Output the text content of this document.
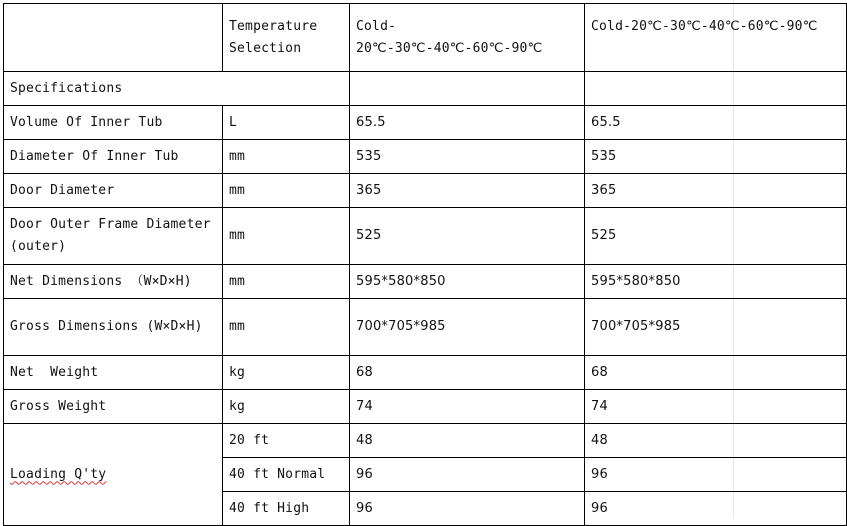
	Temperature Selection	Cold-20℃-30℃-40℃-60℃-90℃	Cold-20℃-30℃-40℃-60℃-90℃
Specifications			
Volume Of Inner Tub	L	65.5	65.5
Diameter Of Inner Tub	mm	535	535
Door Diameter	mm	365	365
Door Outer Frame Diameter (outer)	mm	525	525
Net Dimensions （W×D×H)	mm	595*580*850	595*580*850
Gross Dimensions (W×D×H)	mm	700*705*985	700*705*985
Net  Weight	kg	68	68
Gross Weight	kg	74	74
Loading Q'ty	20 ft	48	48
	40 ft Normal	96	96
	40 ft High	96	96
